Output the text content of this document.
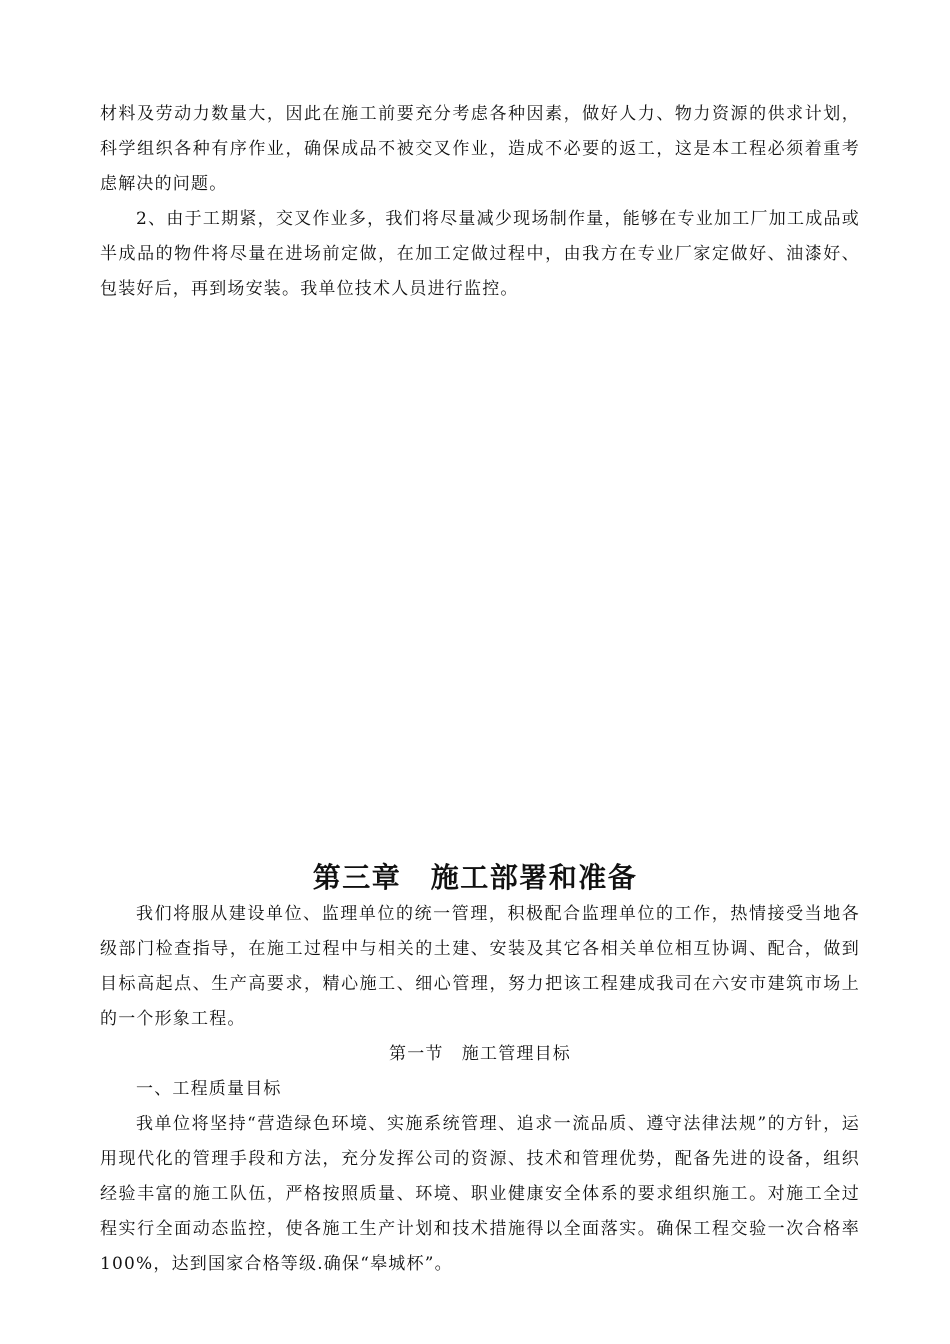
材料及劳动力数量大，因此在施工前要充分考虑各种因素，做好人力、物力资源的供求计划，科学组织各种有序作业，确保成品不被交叉作业，造成不必要的返工，这是本工程必须着重考虑解决的问题。

2、由于工期紧，交叉作业多，我们将尽量减少现场制作量，能够在专业加工厂加工成品或半成品的物件将尽量在进场前定做，在加工定做过程中，由我方在专业厂家定做好、油漆好、包装好后，再到场安装。我单位技术人员进行监控。

第三章　施工部署和准备

我们将服从建设单位、监理单位的统一管理，积极配合监理单位的工作，热情接受当地各级部门检查指导，在施工过程中与相关的土建、安装及其它各相关单位相互协调、配合，做到目标高起点、生产高要求，精心施工、细心管理，努力把该工程建成我司在六安市建筑市场上的一个形象工程。

第一节　施工管理目标

一、工程质量目标

我单位将坚持“营造绿色环境、实施系统管理、追求一流品质、遵守法律法规”的方针，运用现代化的管理手段和方法，充分发挥公司的资源、技术和管理优势，配备先进的设备，组织经验丰富的施工队伍，严格按照质量、环境、职业健康安全体系的要求组织施工。对施工全过程实行全面动态监控，使各施工生产计划和技术措施得以全面落实。确保工程交验一次合格率100%，达到国家合格等级.确保“皋城杯”。
